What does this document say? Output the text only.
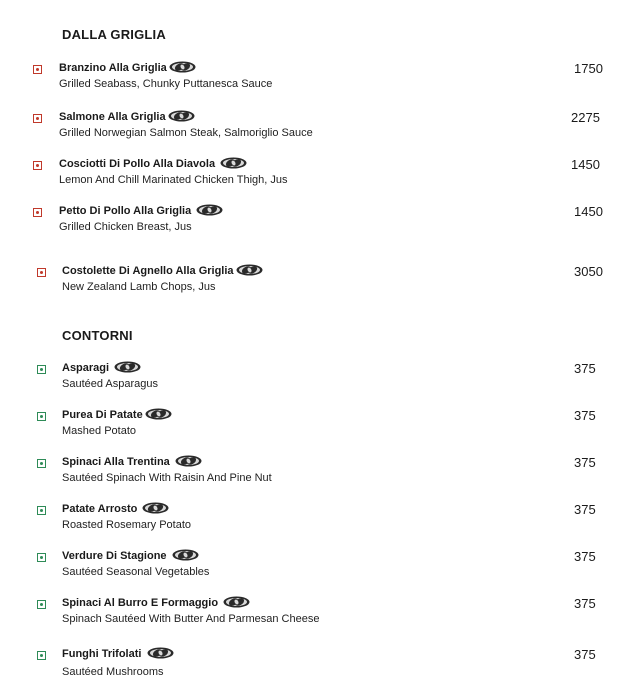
DALLA GRIGLIA
CONTORNI
Branzino Alla Griglia
Grilled Seabass, Chunky Puttanesca Sauce
1750
Salmone Alla Griglia
Grilled Norwegian Salmon Steak, Salmoriglio Sauce
2275
Cosciotti Di Pollo Alla Diavola
Lemon And Chill Marinated Chicken Thigh, Jus
1450
Petto Di Pollo Alla Griglia
Grilled Chicken Breast, Jus
1450
Costolette Di Agnello Alla Griglia
New Zealand Lamb Chops, Jus
3050
Asparagi
Sautéed Asparagus
375
Purea Di Patate
Mashed Potato
375
Spinaci Alla Trentina
Sautéed Spinach With Raisin And Pine Nut
375
Patate Arrosto
Roasted Rosemary Potato
375
Verdure Di Stagione
Sautéed Seasonal Vegetables
375
Spinaci Al Burro E Formaggio
Spinach Sautéed With Butter And Parmesan Cheese
375
Funghi Trifolati
Sautéed Mushrooms
375
